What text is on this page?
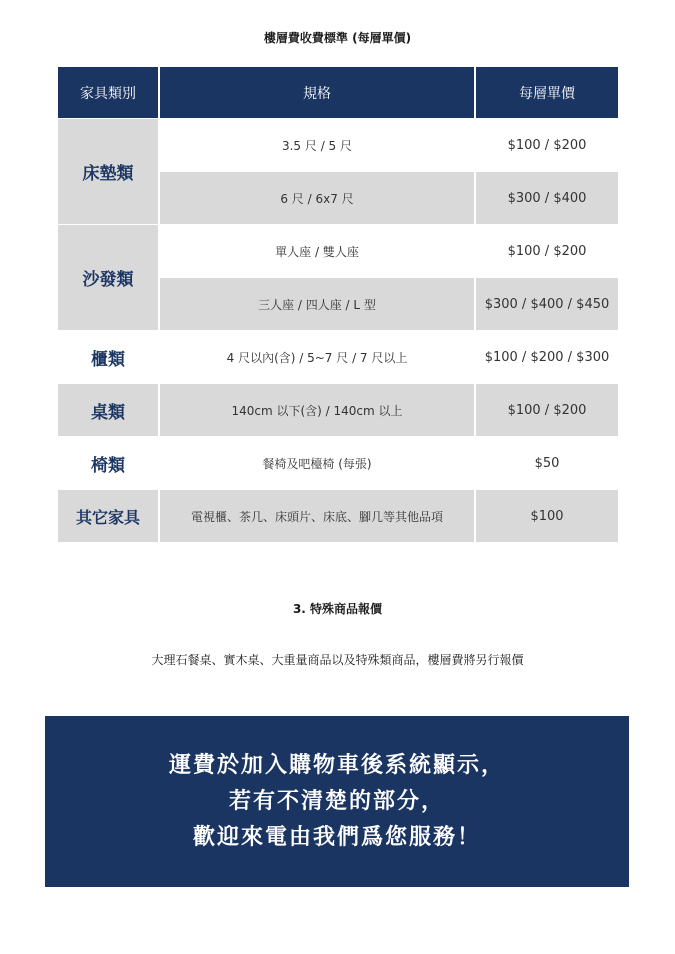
樓層費收費標準 (每層單價)
家具類別	規格	每層單價
床墊類	3.5 尺 / 5 尺	$100 / $200
	6 尺 / 6x7 尺	$300 / $400
沙發類	單人座 / 雙人座	$100 / $200
	三人座 / 四人座 / L 型	$300 / $400 / $450
櫃類	4 尺以內(含) / 5~7 尺 / 7 尺以上	$100 / $200 / $300
桌類	140cm 以下(含) / 140cm 以上	$100 / $200
椅類	餐椅及吧檯椅 (每張)	$50
其它家具	電視櫃、茶几、床頭片、床底、腳几等其他品項	$100
3. 特殊商品報價
大理石餐桌、實木桌、大重量商品以及特殊類商品，樓層費將另行報價
運費於加入購物車後系統顯示，
若有不清楚的部分，
歡迎來電由我們爲您服務！
